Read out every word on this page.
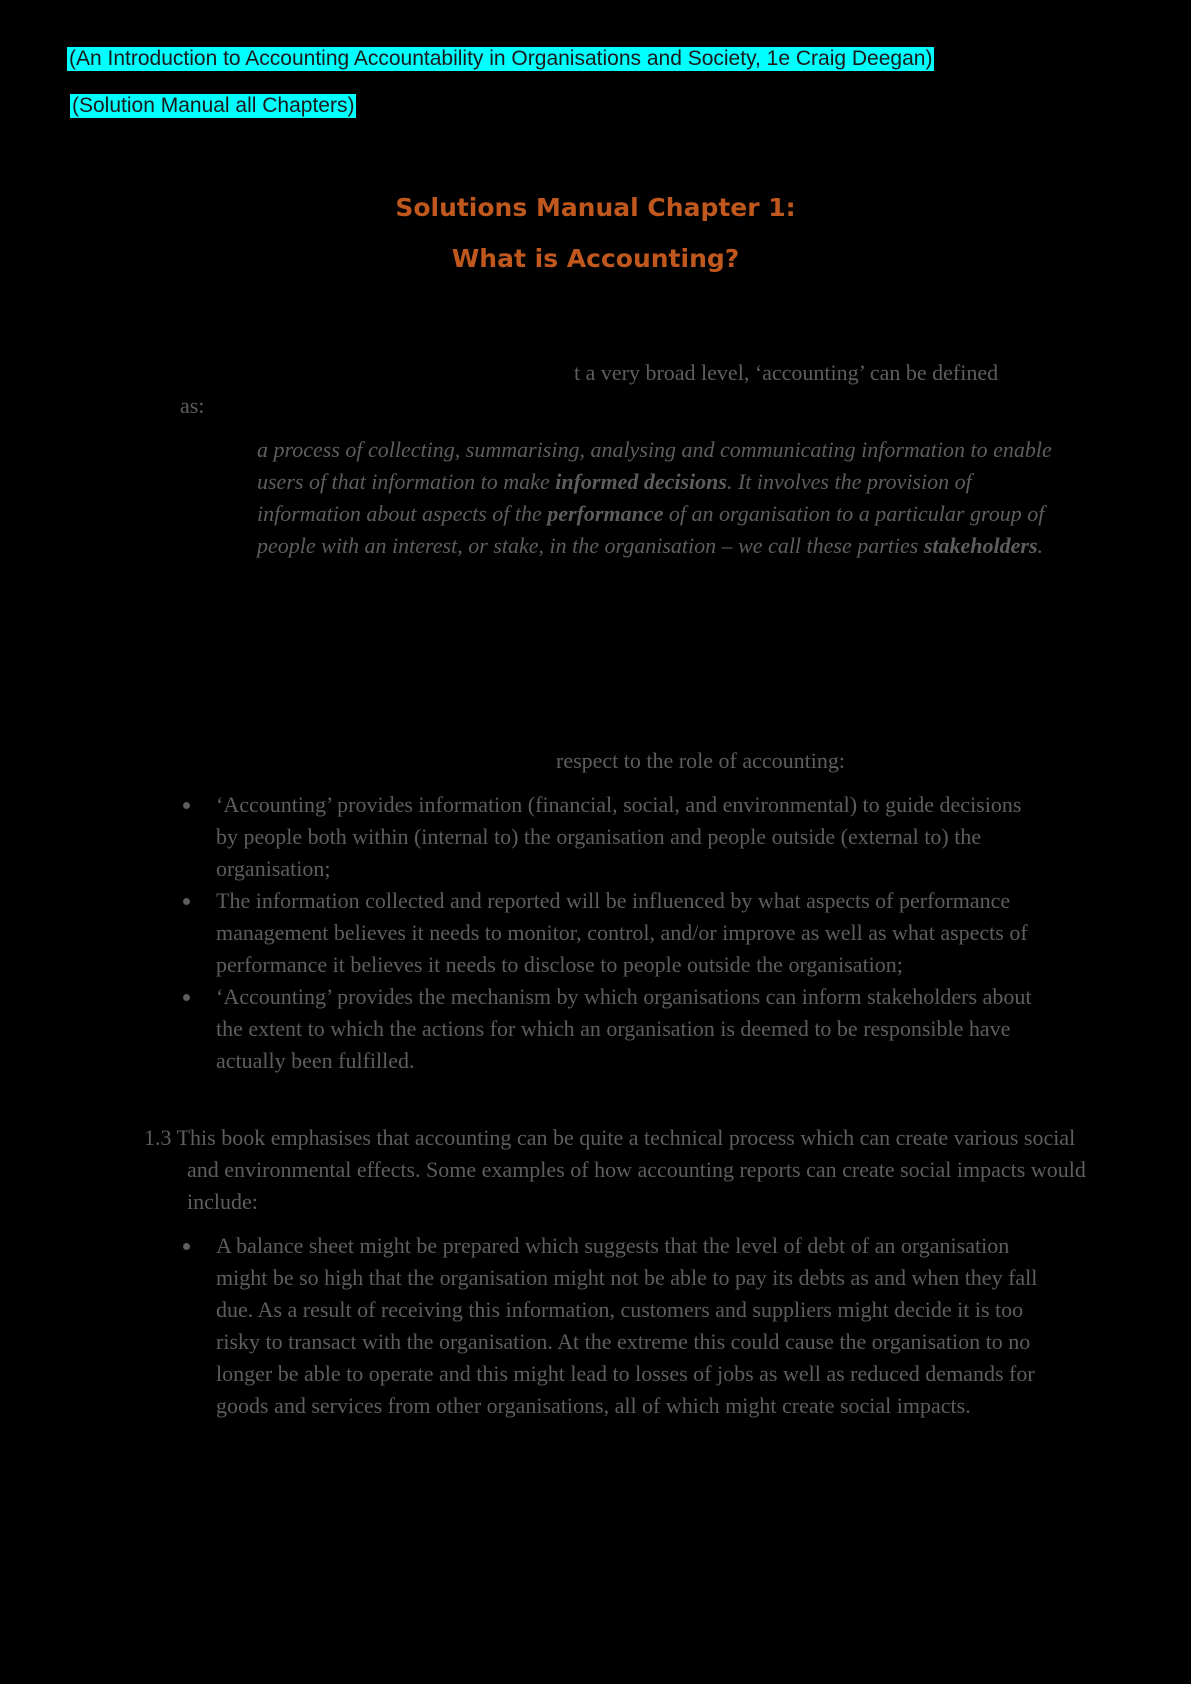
(An Introduction to Accounting Accountability in Organisations and Society, 1e Craig Deegan)
(Solution Manual all Chapters)
Solutions Manual Chapter 1:
What is Accounting?
t a very broad level, ‘accounting’ can be defined
as:
a process of collecting, summarising, analysing and communicating information to enable users of that information to make informed decisions. It involves the provision of information about aspects of the performance of an organisation to a particular group of people with an interest, or stake, in the organisation – we call these parties stakeholders.
respect to the role of accounting:
‘Accounting’ provides information (financial, social, and environmental) to guide decisions by people both within (internal to) the organisation and people outside (external to) the organisation;
The information collected and reported will be influenced by what aspects of performance management believes it needs to monitor, control, and/or improve as well as what aspects of performance it believes it needs to disclose to people outside the organisation;
‘Accounting’ provides the mechanism by which organisations can inform stakeholders about the extent to which the actions for which an organisation is deemed to be responsible have actually been fulfilled.
1.3 This book emphasises that accounting can be quite a technical process which can create various social and environmental effects. Some examples of how accounting reports can create social impacts would include:
A balance sheet might be prepared which suggests that the level of debt of an organisation might be so high that the organisation might not be able to pay its debts as and when they fall due. As a result of receiving this information, customers and suppliers might decide it is too risky to transact with the organisation. At the extreme this could cause the organisation to no longer be able to operate and this might lead to losses of jobs as well as reduced demands for goods and services from other organisations, all of which might create social impacts.
